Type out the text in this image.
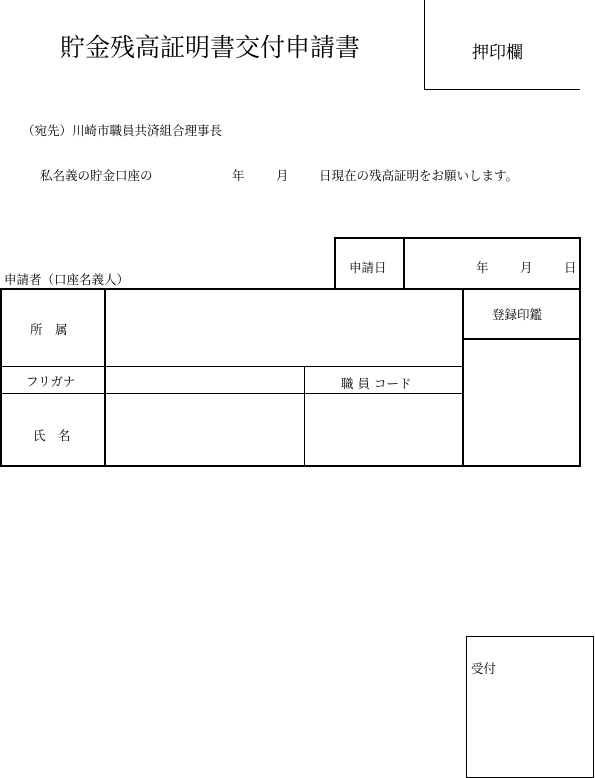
貯金残高証明書交付申請書	押印欄
（宛先）川崎市職員共済組合理事長
私名義の貯金口座の	年	月 日現在の残高証明をお願いします。
申請者（口座名義人）
申請日	年	月	日
所　属
フリガナ	職 員 コード
氏　名
登録印鑑
受付
